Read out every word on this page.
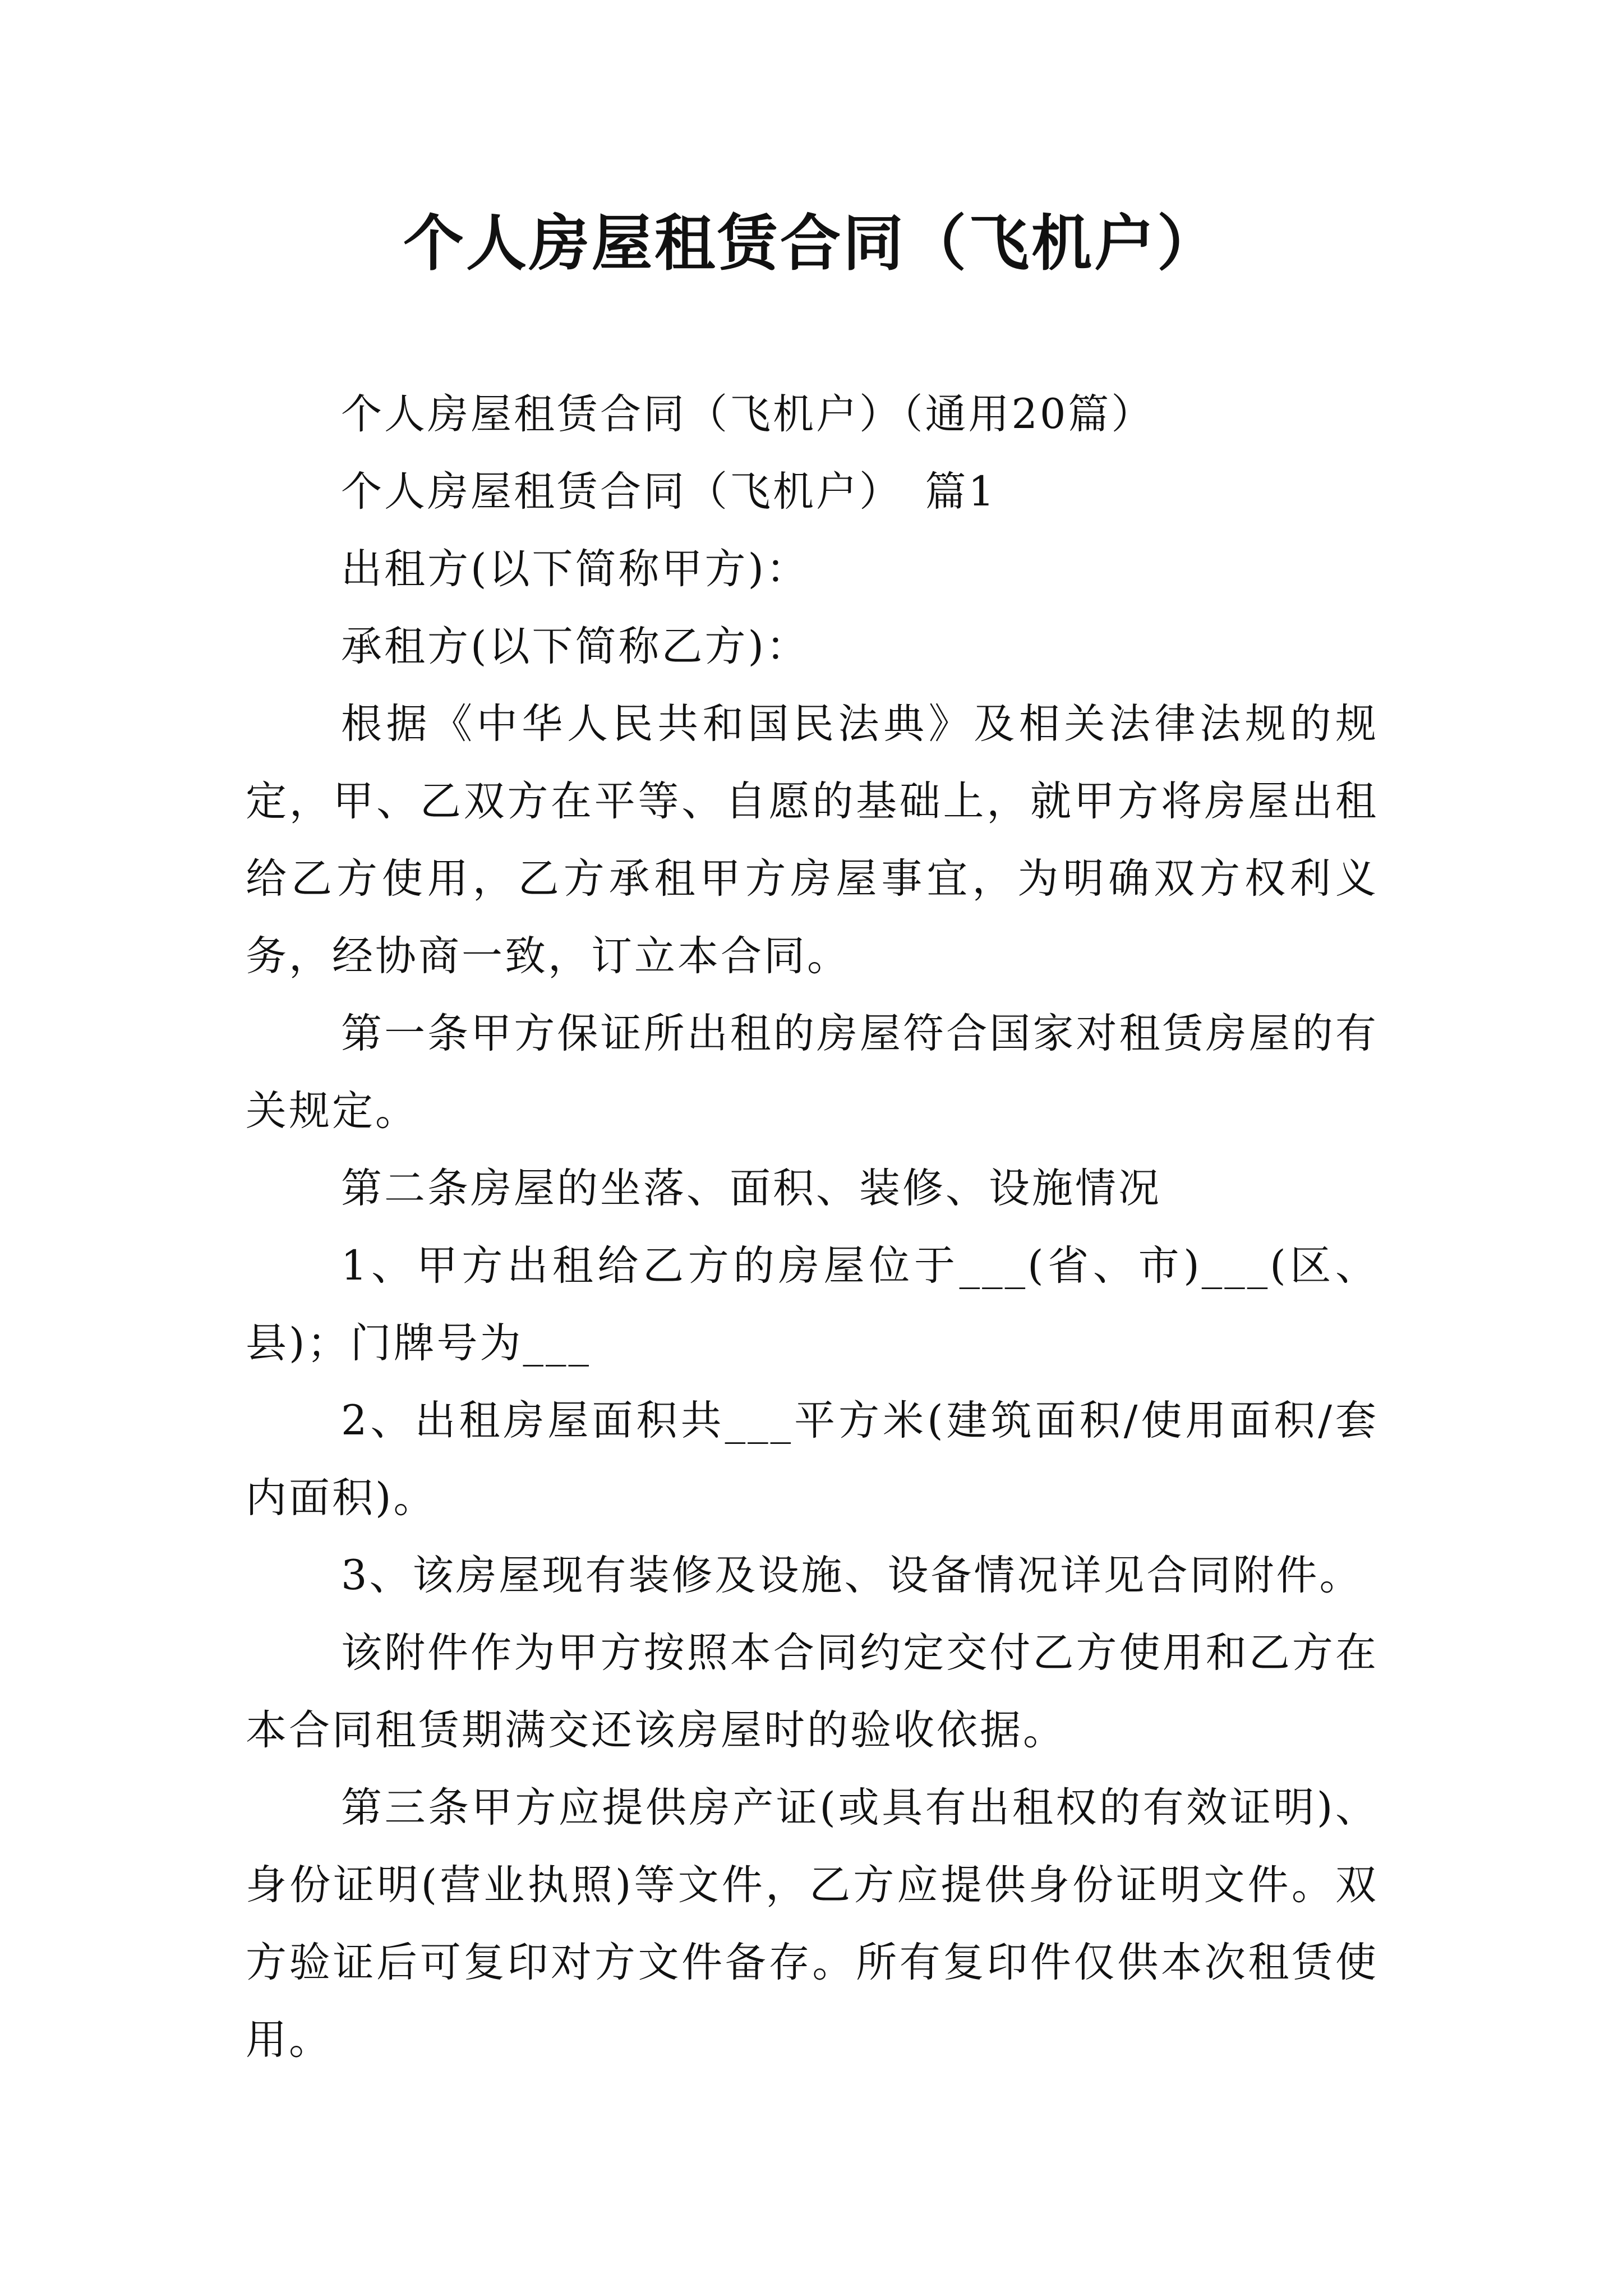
个人房屋租赁合同（飞机户）

个人房屋租赁合同（飞机户）（通用20篇）

个人房屋租赁合同（飞机户）　篇1

出租方(以下简称甲方)：

承租方(以下简称乙方)：

根据《中华人民共和国民法典》及相关法律法规的规定，甲、乙双方在平等、自愿的基础上，就甲方将房屋出租给乙方使用，乙方承租甲方房屋事宜，为明确双方权利义务，经协商一致，订立本合同。

第一条甲方保证所出租的房屋符合国家对租赁房屋的有关规定。

第二条房屋的坐落、面积、装修、设施情况

1、甲方出租给乙方的房屋位于___(省、市)___(区、县)；门牌号为___

2、出租房屋面积共___平方米(建筑面积/使用面积/套内面积)。

3、该房屋现有装修及设施、设备情况详见合同附件。

该附件作为甲方按照本合同约定交付乙方使用和乙方在本合同租赁期满交还该房屋时的验收依据。

第三条甲方应提供房产证(或具有出租权的有效证明)、身份证明(营业执照)等文件，乙方应提供身份证明文件。双方验证后可复印对方文件备存。所有复印件仅供本次租赁使用。
